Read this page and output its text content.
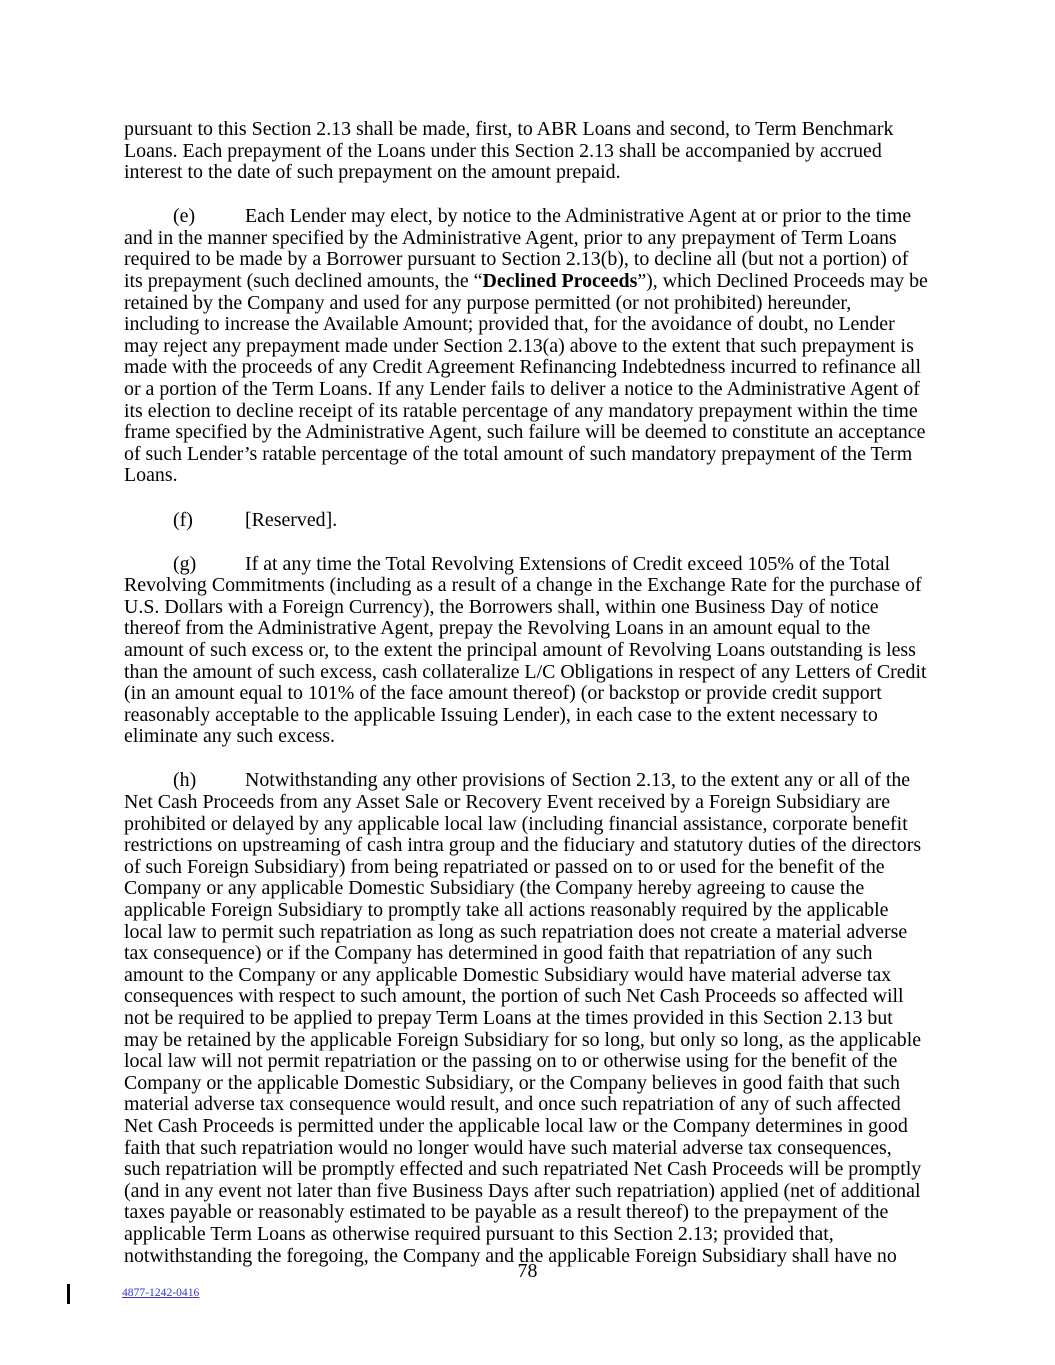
pursuant to this Section 2.13 shall be made, first, to ABR Loans and second, to Term Benchmark Loans. Each prepayment of the Loans under this Section 2.13 shall be accompanied by accrued interest to the date of such prepayment on the amount prepaid.

(e)	Each Lender may elect, by notice to the Administrative Agent at or prior to the time and in the manner specified by the Administrative Agent, prior to any prepayment of Term Loans required to be made by a Borrower pursuant to Section 2.13(b), to decline all (but not a portion) of its prepayment (such declined amounts, the “Declined Proceeds”), which Declined Proceeds may be retained by the Company and used for any purpose permitted (or not prohibited) hereunder, including to increase the Available Amount; provided that, for the avoidance of doubt, no Lender may reject any prepayment made under Section 2.13(a) above to the extent that such prepayment is made with the proceeds of any Credit Agreement Refinancing Indebtedness incurred to refinance all or a portion of the Term Loans. If any Lender fails to deliver a notice to the Administrative Agent of its election to decline receipt of its ratable percentage of any mandatory prepayment within the time frame specified by the Administrative Agent, such failure will be deemed to constitute an acceptance of such Lender’s ratable percentage of the total amount of such mandatory prepayment of the Term Loans.

(f)	[Reserved].

(g) If at any time the Total Revolving Extensions of Credit exceed 105% of the Total Revolving Commitments (including as a result of a change in the Exchange Rate for the purchase of U.S. Dollars with a Foreign Currency), the Borrowers shall, within one Business Day of notice thereof from the Administrative Agent, prepay the Revolving Loans in an amount equal to the amount of such excess or, to the extent the principal amount of Revolving Loans outstanding is less than the amount of such excess, cash collateralize L/C Obligations in respect of any Letters of Credit (in an amount equal to 101% of the face amount thereof) (or backstop or provide credit support reasonably acceptable to the applicable Issuing Lender), in each case to the extent necessary to eliminate any such excess.

(h) Notwithstanding any other provisions of Section 2.13, to the extent any or all of the Net Cash Proceeds from any Asset Sale or Recovery Event received by a Foreign Subsidiary are prohibited or delayed by any applicable local law (including financial assistance, corporate benefit restrictions on upstreaming of cash intra group and the fiduciary and statutory duties of the directors of such Foreign Subsidiary) from being repatriated or passed on to or used for the benefit of the Company or any applicable Domestic Subsidiary (the Company hereby agreeing to cause the applicable Foreign Subsidiary to promptly take all actions reasonably required by the applicable local law to permit such repatriation as long as such repatriation does not create a material adverse tax consequence) or if the Company has determined in good faith that repatriation of any such amount to the Company or any applicable Domestic Subsidiary would have material adverse tax consequences with respect to such amount, the portion of such Net Cash Proceeds so affected will not be required to be applied to prepay Term Loans at the times provided in this Section 2.13 but may be retained by the applicable Foreign Subsidiary for so long, but only so long, as the applicable local law will not permit repatriation or the passing on to or otherwise using for the benefit of the Company or the applicable Domestic Subsidiary, or the Company believes in good faith that such material adverse tax consequence would result, and once such repatriation of any of such affected Net Cash Proceeds is permitted under the applicable local law or the Company determines in good faith that such repatriation would no longer would have such material adverse tax consequences, such repatriation will be promptly effected and such repatriated Net Cash Proceeds will be promptly (and in any event not later than five Business Days after such repatriation) applied (net of additional taxes payable or reasonably estimated to be payable as a result thereof) to the prepayment of the applicable Term Loans as otherwise required pursuant to this Section 2.13; provided that, notwithstanding the foregoing, the Company and the applicable Foreign Subsidiary shall have no

78
4877-1242-0416
